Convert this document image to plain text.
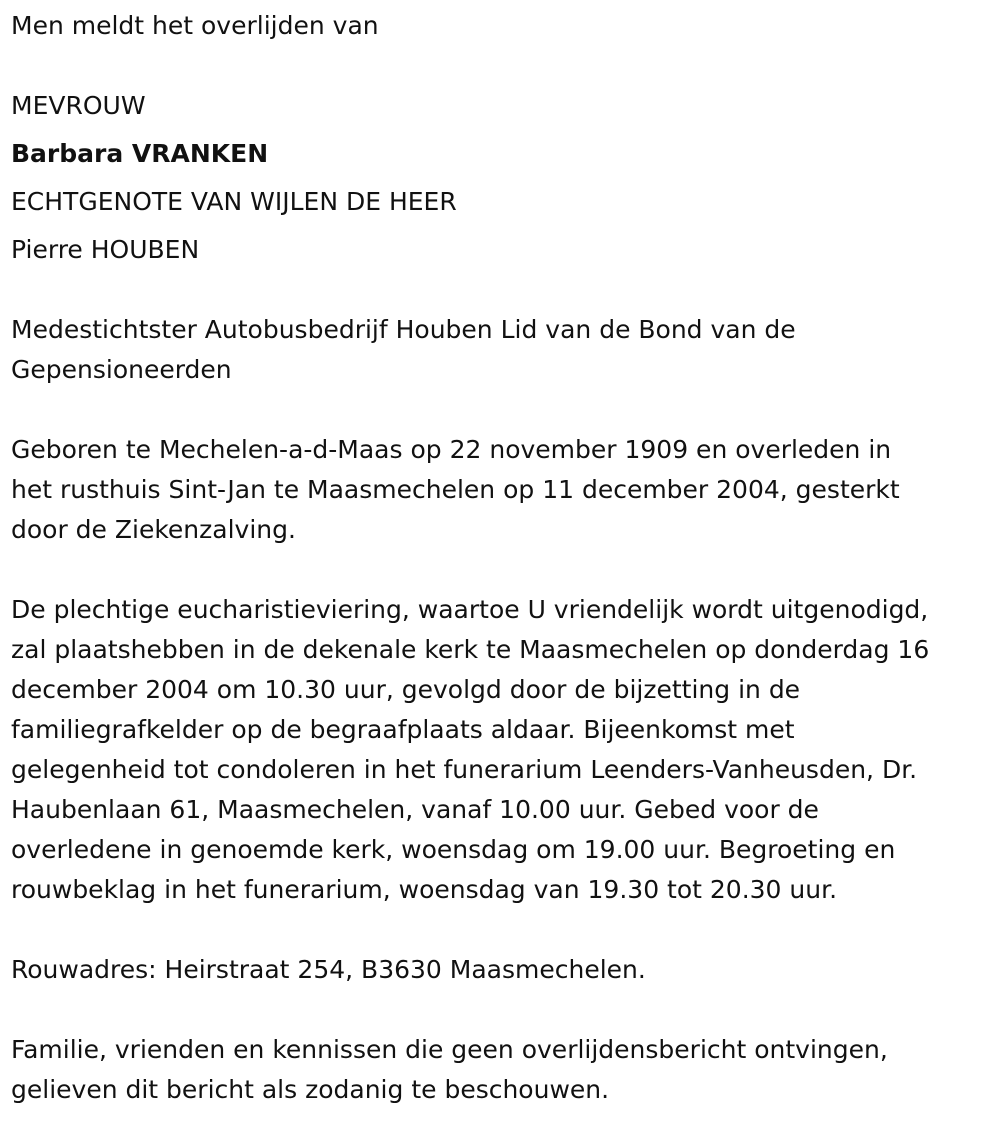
Men meldt het overlijden van
MEVROUW
Barbara VRANKEN
ECHTGENOTE VAN WIJLEN DE HEER
Pierre HOUBEN
Medestichtster Autobusbedrijf Houben Lid van de Bond van de
Gepensioneerden
Geboren te Mechelen-a-d-Maas op 22 november 1909 en overleden in
het rusthuis Sint-Jan te Maasmechelen op 11 december 2004, gesterkt
door de Ziekenzalving.
De plechtige eucharistieviering, waartoe U vriendelijk wordt uitgenodigd,
zal plaatshebben in de dekenale kerk te Maasmechelen op donderdag 16
december 2004 om 10.30 uur, gevolgd door de bijzetting in de
familiegrafkelder op de begraafplaats aldaar. Bijeenkomst met
gelegenheid tot condoleren in het funerarium Leenders-Vanheusden, Dr.
Haubenlaan 61, Maasmechelen, vanaf 10.00 uur. Gebed voor de
overledene in genoemde kerk, woensdag om 19.00 uur. Begroeting en
rouwbeklag in het funerarium, woensdag van 19.30 tot 20.30 uur.
Rouwadres: Heirstraat 254, B3630 Maasmechelen.
Familie, vrienden en kennissen die geen overlijdensbericht ontvingen,
gelieven dit bericht als zodanig te beschouwen.
